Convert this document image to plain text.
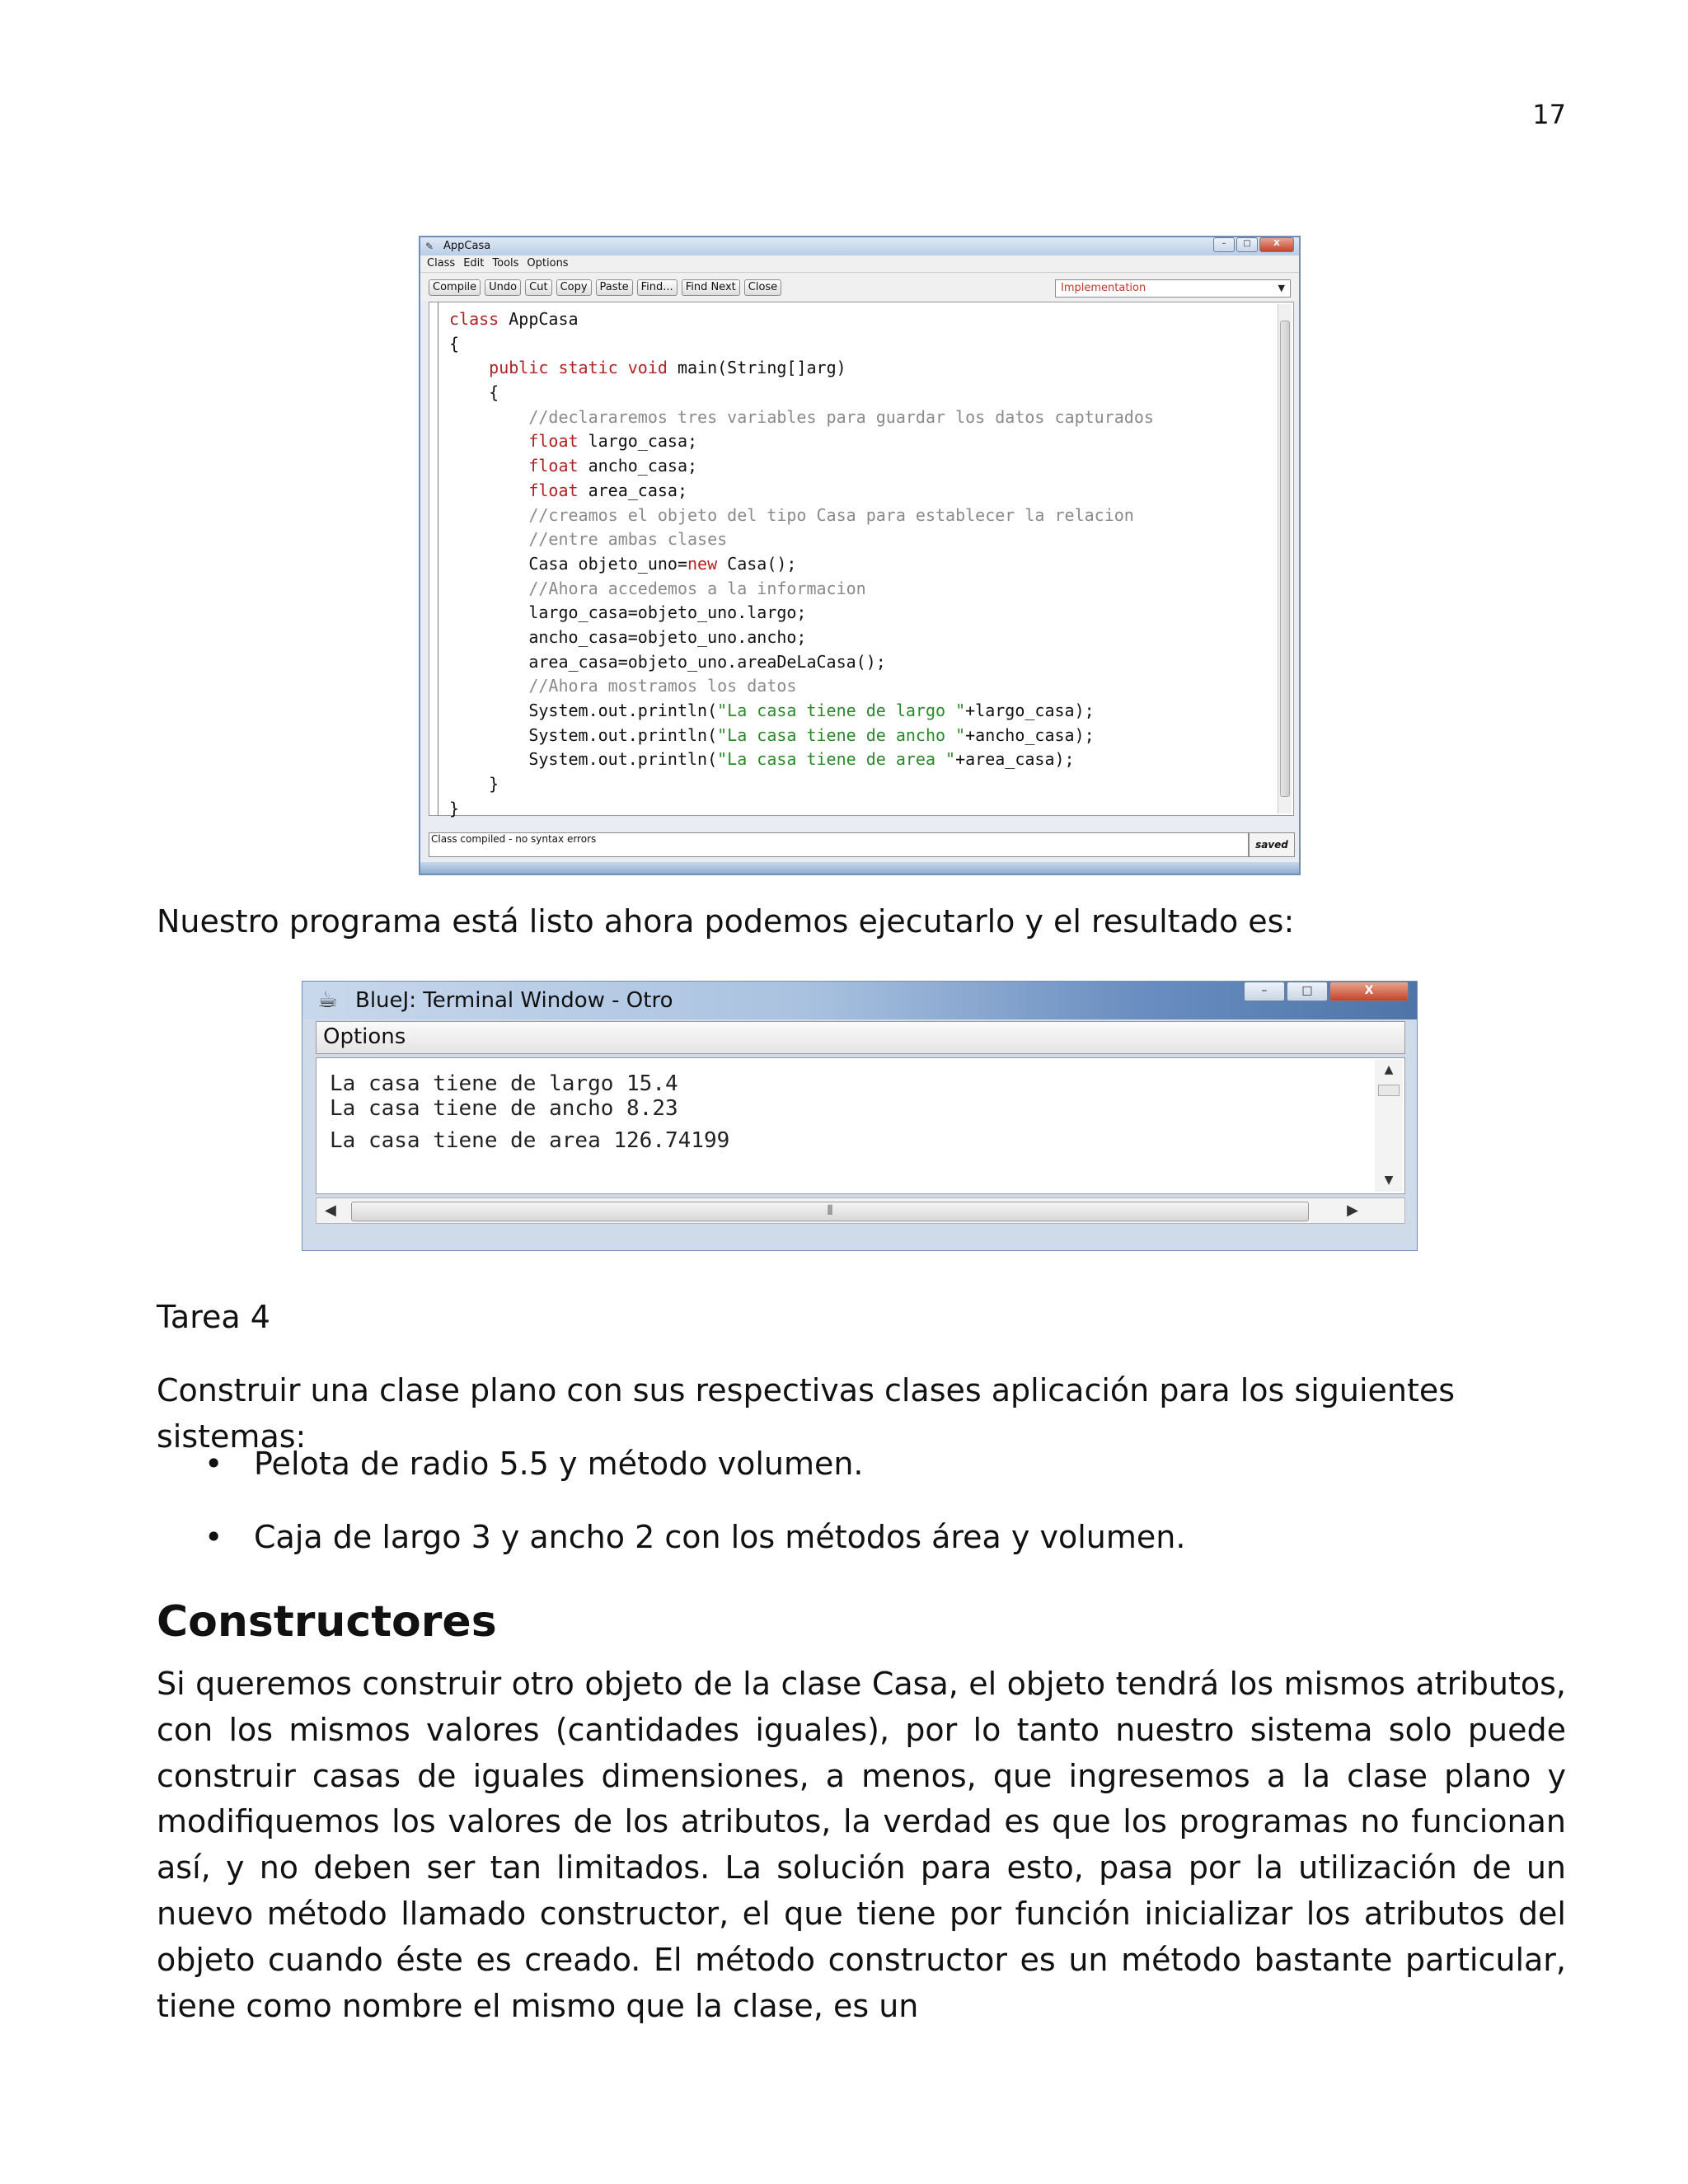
17
✎ AppCasa	–	□	X
Class Edit Tools Options
Compile	Undo	Cut	Copy	Paste	Find...	Find Next	Close	Implementation	▼
class AppCasa
{
public static void main(String[]arg)
{
//declararemos tres variables para guardar los datos capturados
float largo_casa;
float ancho_casa;
float area_casa;
//creamos el objeto del tipo Casa para establecer la relacion
//entre ambas clases
Casa objeto_uno=new Casa();
//Ahora accedemos a la informacion
largo_casa=objeto_uno.largo;
ancho_casa=objeto_uno.ancho;
area_casa=objeto_uno.areaDeLaCasa();
//Ahora mostramos los datos
System.out.println("La casa tiene de largo "+largo_casa);
System.out.println("La casa tiene de ancho "+ancho_casa);
System.out.println("La casa tiene de area "+area_casa);
}
}
Class compiled - no syntax errors	saved

Nuestro programa está listo ahora podemos ejecutarlo y el resultado es:

☕ BlueJ: Terminal Window - Otro	–	□	X
Options
La casa tiene de largo 15.4
La casa tiene de ancho 8.23
La casa tiene de area 126.74199
▲
▼
◀	⦀	▶

Tarea 4

Construir una clase plano con sus respectivas clases aplicación para los siguientes sistemas:

• Pelota de radio 5.5 y método volumen.
• Caja de largo 3 y ancho 2 con los métodos área y volumen.
Constructores

Si queremos construir otro objeto de la clase Casa, el objeto tendrá los mismos atributos, con los mismos valores (cantidades iguales), por lo tanto nuestro sistema solo puede construir casas de iguales dimensiones, a menos, que ingresemos a la clase plano y modifiquemos los valores de los atributos, la verdad es que los programas no funcionan así, y no deben ser tan limitados. La solución para esto, pasa por la utilización de un nuevo método llamado constructor, el que tiene por función inicializar los atributos del objeto cuando éste es creado. El método constructor es un método bastante particular, tiene como nombre el mismo que la clase, es un
